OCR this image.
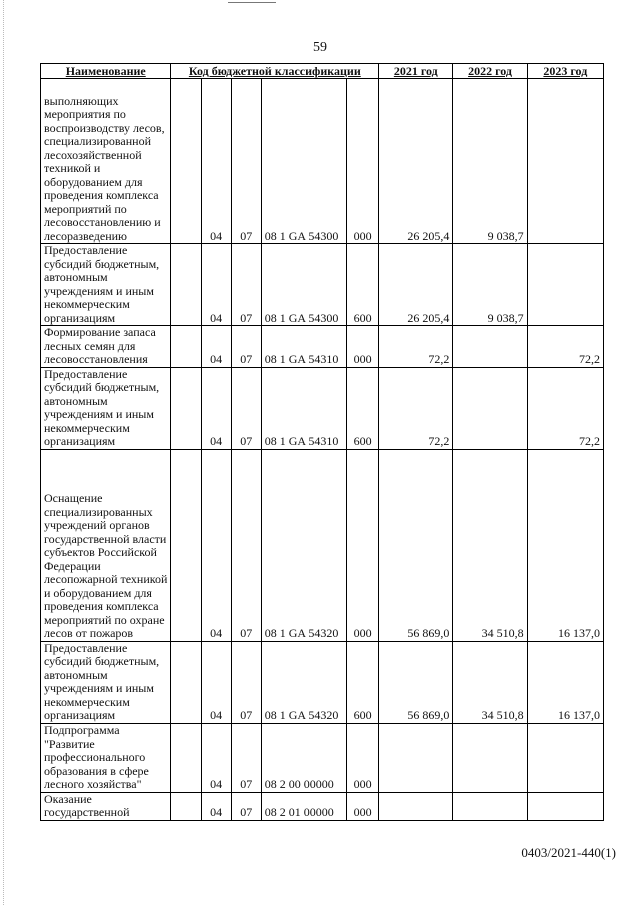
59
Наименование	Код бюджетной классификации					2021 год	2022 год	2023 год
выполняющих мероприятия по воспроизводству лесов, специализированной лесохозяйственной техникой и оборудованием для проведения комплекса мероприятий по лесовосстановлению и лесоразведению		04	07	08 1 GA 54300	000	26 205,4	9 038,7	
Предоставление субсидий бюджетным, автономным учреждениям и иным некоммерческим организациям		04	07	08 1 GA 54300	600	26 205,4	9 038,7	
Формирование запаса лесных семян для лесовосстановления		04	07	08 1 GA 54310	000	72,2		72,2
Предоставление субсидий бюджетным, автономным учреждениям и иным некоммерческим организациям		04	07	08 1 GA 54310	600	72,2		72,2
Оснащение специализированных учреждений органов государственной власти субъектов Российской Федерации лесопожарной техникой и оборудованием для проведения комплекса мероприятий по охране лесов от пожаров		04	07	08 1 GA 54320	000	56 869,0	34 510,8	16 137,0
Предоставление субсидий бюджетным, автономным учреждениям и иным некоммерческим организациям		04	07	08 1 GA 54320	600	56 869,0	34 510,8	16 137,0
Подпрограмма "Развитие профессионального образования в сфере лесного хозяйства"		04	07	08 2 00 00000	000			
Оказание государственной		04	07	08 2 01 00000	000			
0403/2021-440(1)
